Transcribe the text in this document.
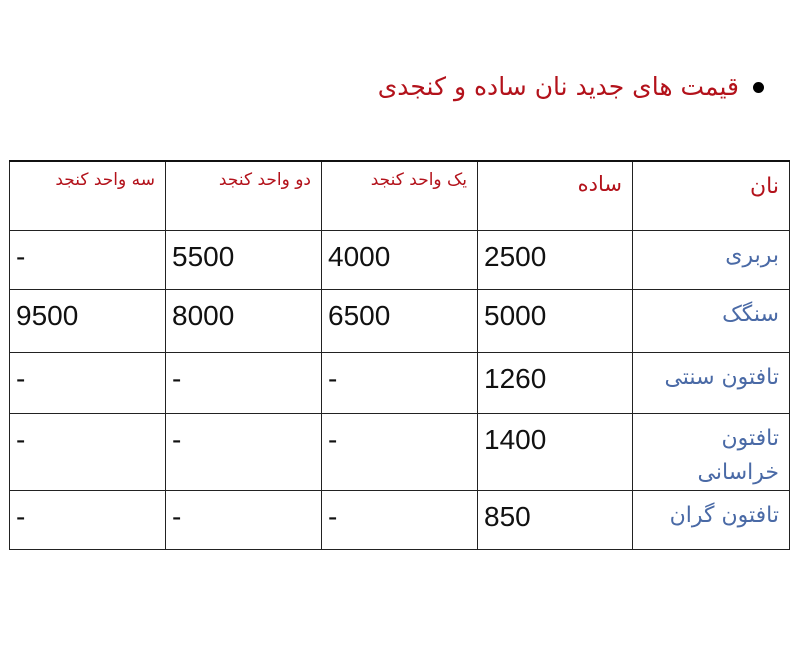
قیمت های جدید نان ساده و کنجدی
نان	ساده	یک واحد کنجد	دو واحد کنجد	سه واحد کنجد
بربری	2500	4000	5500	-
سنگک	5000	6500	8000	9500
تافتون سنتی	1260	-	-	-
تافتون خراسانی	1400	-	-	-
تافتون گران	850	-	-	-
